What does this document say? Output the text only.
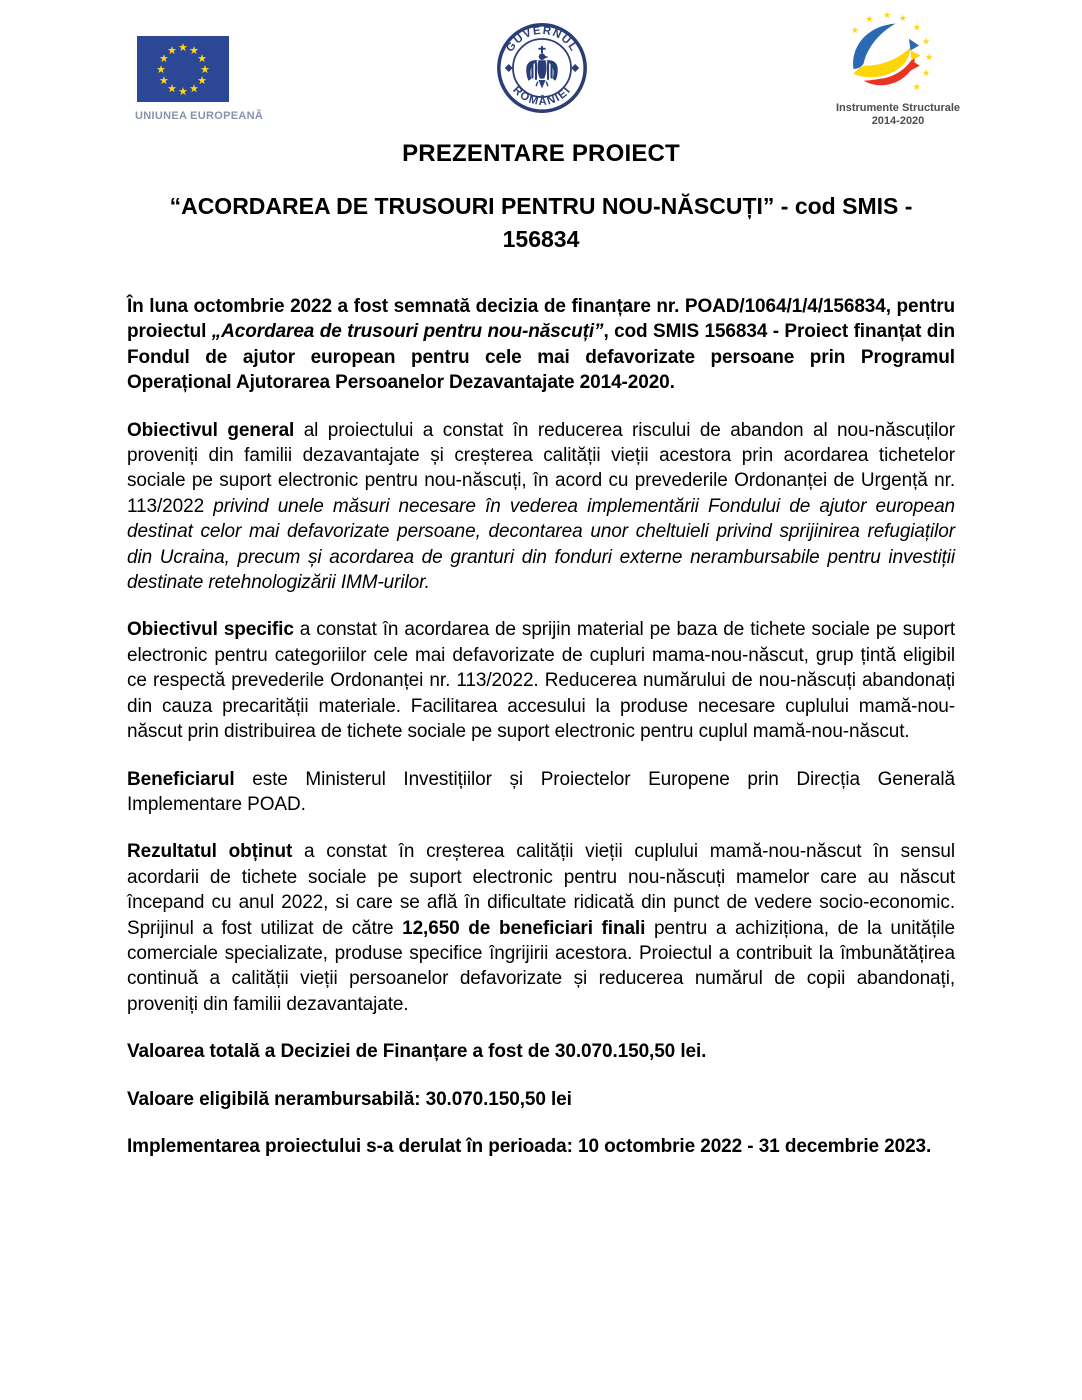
UNIUNEA EUROPEANĂ
GUVERNUL
ROMÂNIEI
Instrumente Structurale
2014-2020
PREZENTARE PROIECT
“ACORDAREA DE TRUSOURI PENTRU NOU-NĂSCUȚI” - cod SMIS -
156834

În luna octombrie 2022 a fost semnată decizia de finanțare nr. POAD/1064/1/4/156834, pentru proiectul „Acordarea de trusouri pentru nou-născuți”, cod SMIS 156834 - Proiect finanțat din Fondul de ajutor european pentru cele mai defavorizate persoane prin Programul Operațional Ajutorarea Persoanelor Dezavantajate 2014-2020.

Obiectivul general al proiectului a constat în reducerea riscului de abandon al nou-născuților proveniți din familii dezavantajate și creșterea calității vieții acestora prin acordarea tichetelor sociale pe suport electronic pentru nou-născuți, în acord cu prevederile Ordonanței de Urgență nr. 113/2022 privind unele măsuri necesare în vederea implementării Fondului de ajutor european destinat celor mai defavorizate persoane, decontarea unor cheltuieli privind sprijinirea refugiaților din Ucraina, precum și acordarea de granturi din fonduri externe nerambursabile pentru investiții destinate retehnologizării IMM-urilor.

Obiectivul specific a constat în acordarea de sprijin material pe baza de tichete sociale pe suport electronic pentru categoriilor cele mai defavorizate de cupluri mama-nou-născut, grup țintă eligibil ce respectă prevederile Ordonanței nr. 113/2022. Reducerea numărului de nou-născuți abandonați din cauza precarității materiale. Facilitarea accesului la produse necesare cuplului mamă-nou-născut prin distribuirea de tichete sociale pe suport electronic pentru cuplul mamă-nou-născut.

Beneficiarul este Ministerul Investițiilor și Proiectelor Europene prin Direcția Generală Implementare POAD.

Rezultatul obținut a constat în creșterea calității vieții cuplului mamă-nou-născut în sensul acordarii de tichete sociale pe suport electronic pentru nou-născuți mamelor care au născut începand cu anul 2022, si care se află în dificultate ridicată din punct de vedere socio-economic. Sprijinul a fost utilizat de către 12,650 de beneficiari finali pentru a achiziționa, de la unitățile comerciale specializate, produse specifice îngrijirii acestora. Proiectul a contribuit la îmbunătățirea continuă a calității vieții persoanelor defavorizate și reducerea numărul de copii abandonați, proveniți din familii dezavantajate.

Valoarea totală a Deciziei de Finanțare a fost de 30.070.150,50 lei.

Valoare eligibilă nerambursabilă: 30.070.150,50 lei

Implementarea proiectului s-a derulat în perioada: 10 octombrie 2022 - 31 decembrie 2023.
